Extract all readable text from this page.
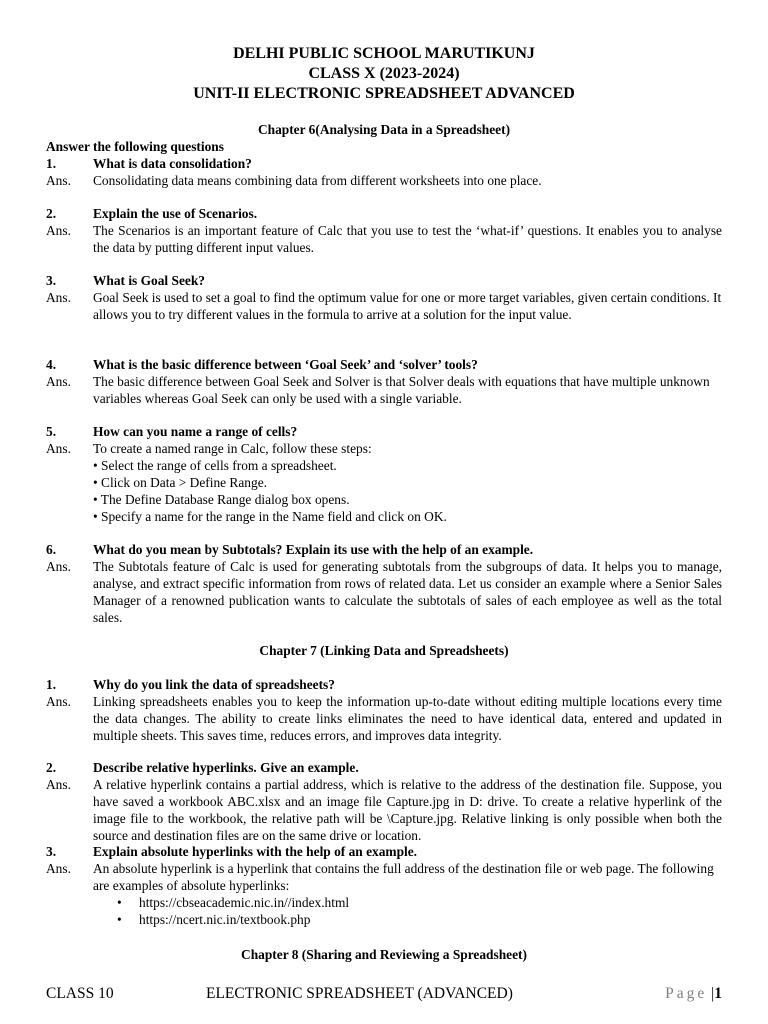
DELHI PUBLIC SCHOOL MARUTIKUNJ
CLASS X (2023-2024)
UNIT-II ELECTRONIC SPREADSHEET ADVANCED
Chapter 6(Analysing Data in a Spreadsheet)
Answer the following questions
1.	What is data consolidation?
Ans.	Consolidating data means combining data from different worksheets into one place.
2.	Explain the use of Scenarios.
Ans.	The Scenarios is an important feature of Calc that you use to test the ‘what-if’ questions. It enables you to analyse the data by putting different input values.
3.	What is Goal Seek?
Ans.	Goal Seek is used to set a goal to find the optimum value for one or more target variables, given certain conditions. It allows you to try different values in the formula to arrive at a solution for the input value.
4.	What is the basic difference between ‘Goal Seek’ and ‘solver’ tools?
Ans.	The basic difference between Goal Seek and Solver is that Solver deals with equations that have multiple unknown variables whereas Goal Seek can only be used with a single variable.
5.	How can you name a range of cells?
Ans.	To create a named range in Calc, follow these steps:
• Select the range of cells from a spreadsheet.
• Click on Data > Define Range.
• The Define Database Range dialog box opens.
• Specify a name for the range in the Name field and click on OK.
6.	What do you mean by Subtotals? Explain its use with the help of an example.
Ans.	The Subtotals feature of Calc is used for generating subtotals from the subgroups of data. It helps you to manage, analyse, and extract specific information from rows of related data. Let us consider an example where a Senior Sales Manager of a renowned publication wants to calculate the subtotals of sales of each employee as well as the total sales.
Chapter 7 (Linking Data and Spreadsheets)
1.	Why do you link the data of spreadsheets?
Ans.	Linking spreadsheets enables you to keep the information up-to-date without editing multiple locations every time the data changes. The ability to create links eliminates the need to have identical data, entered and updated in multiple sheets. This saves time, reduces errors, and improves data integrity.
2.	Describe relative hyperlinks. Give an example.
Ans.	A relative hyperlink contains a partial address, which is relative to the address of the destination file. Suppose, you have saved a workbook ABC.xlsx and an image file Capture.jpg in D: drive. To create a relative hyperlink of the image file to the workbook, the relative path will be \Capture.jpg. Relative linking is only possible when both the source and destination files are on the same drive or location.
3.	Explain absolute hyperlinks with the help of an example.
Ans.	An absolute hyperlink is a hyperlink that contains the full address of the destination file or web page. The following are examples of absolute hyperlinks:
• https://cbseacademic.nic.in//index.html
• https://ncert.nic.in/textbook.php
Chapter 8 (Sharing and Reviewing a Spreadsheet)
CLASS 10	ELECTRONIC SPREADSHEET (ADVANCED)	Page |1
